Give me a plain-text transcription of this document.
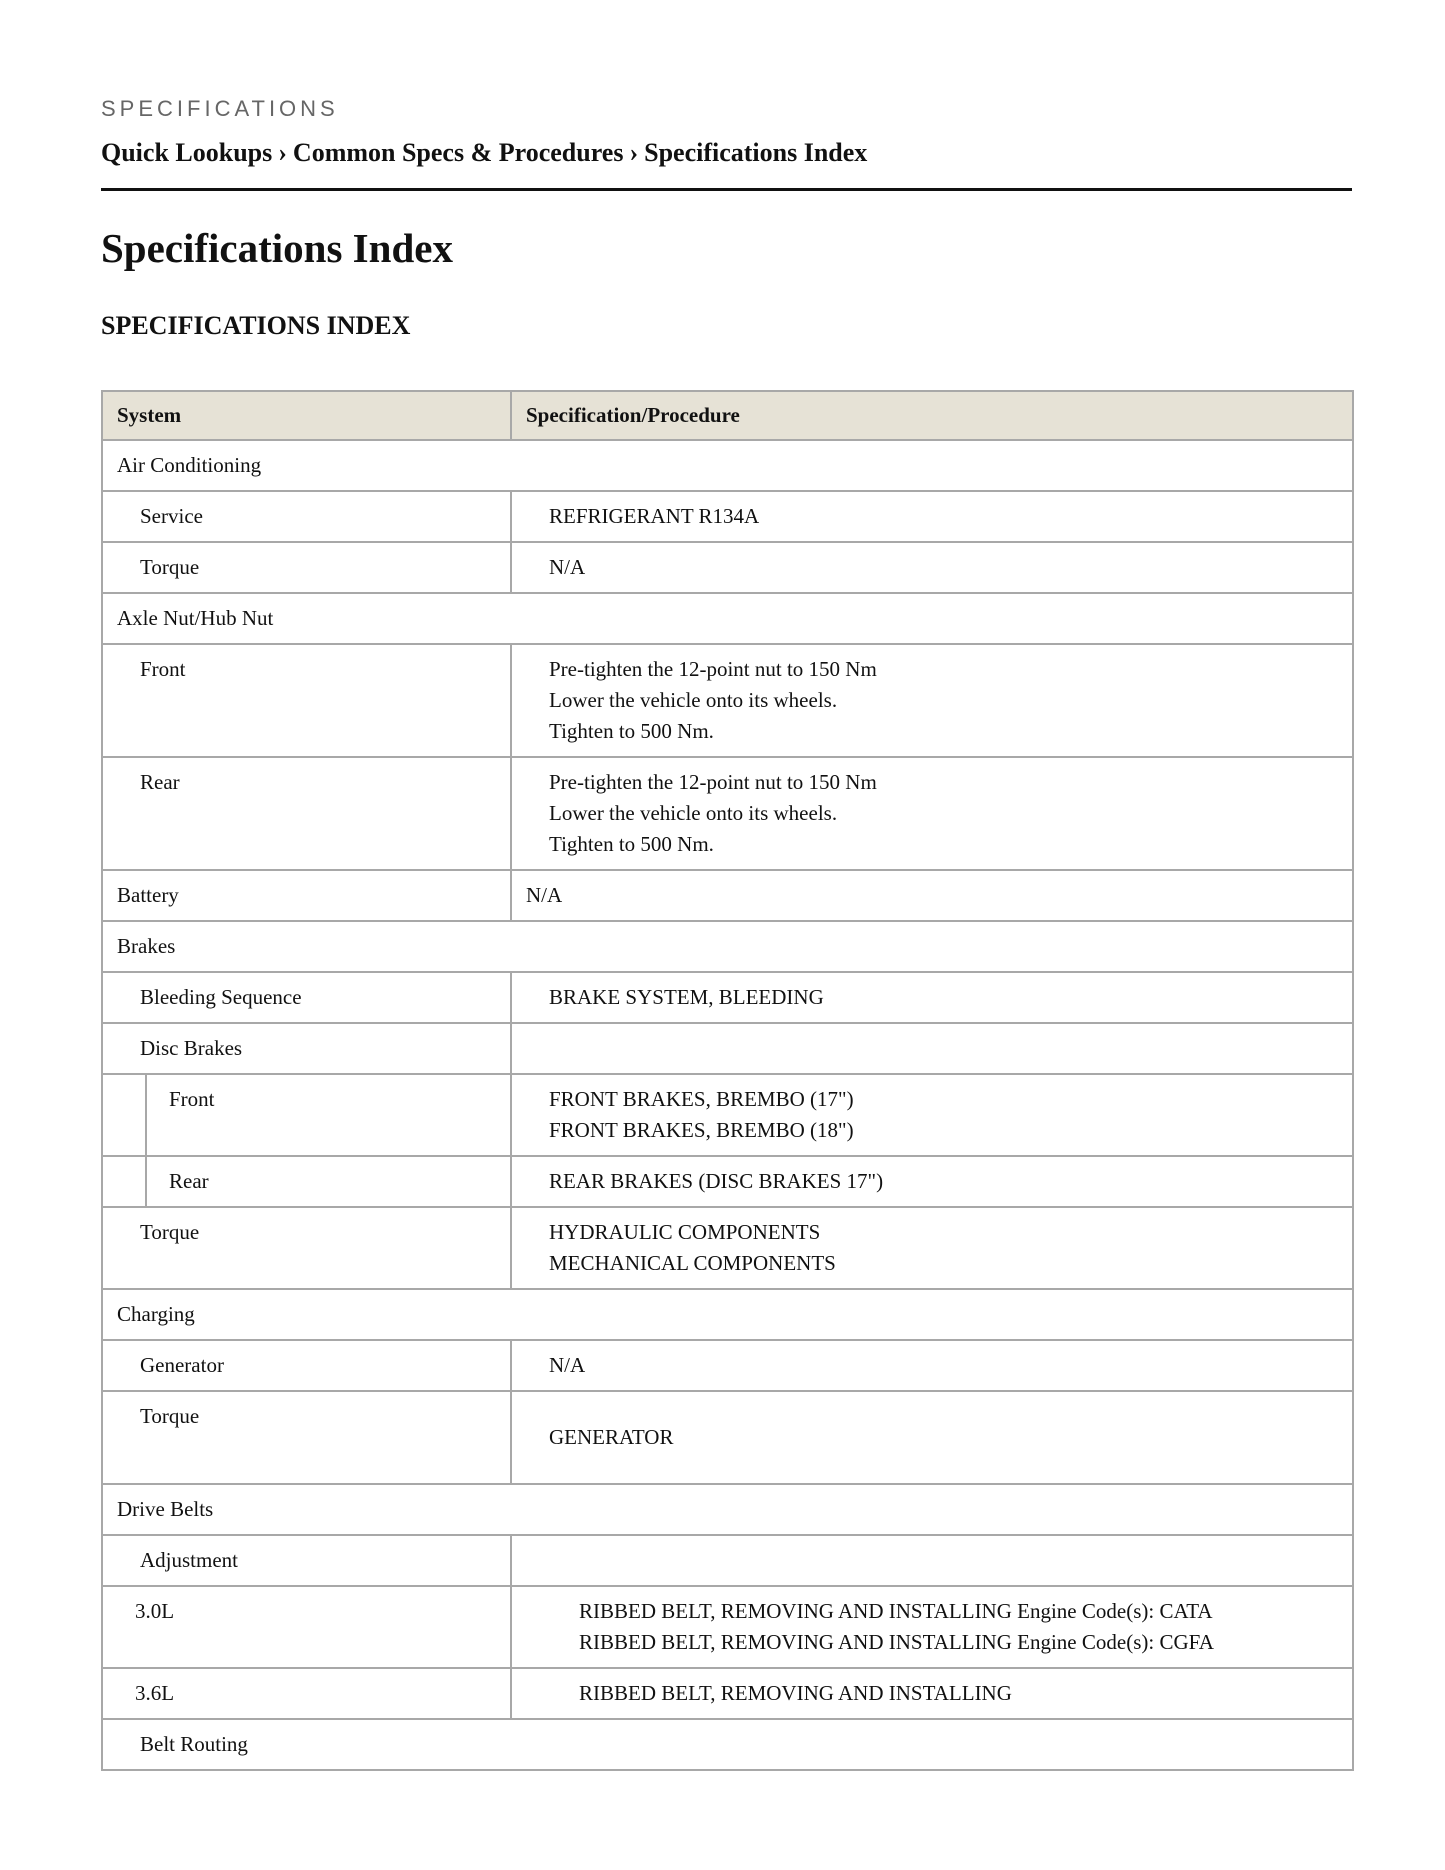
SPECIFICATIONS
Quick Lookups › Common Specs & Procedures › Specifications Index
Specifications Index
SPECIFICATIONS INDEX
System	Specification/Procedure

Air Conditioning	

Service	REFRIGERANT R134A

Torque	N/A

Axle Nut/Hub Nut	

Front	Pre-tighten the 12-point nut to 150 Nm
Lower the vehicle onto its wheels.
Tighten to 500 Nm.

Rear	Pre-tighten the 12-point nut to 150 Nm
Lower the vehicle onto its wheels.
Tighten to 500 Nm.

Battery	N/A

Brakes	

Bleeding Sequence	BRAKE SYSTEM, BLEEDING

Disc Brakes	

Front	FRONT BRAKES, BREMBO (17")
FRONT BRAKES, BREMBO (18")

Rear	REAR BRAKES (DISC BRAKES 17")

Torque	HYDRAULIC COMPONENTS
MECHANICAL COMPONENTS

Charging	

Generator	N/A

Torque	GENERATOR

Drive Belts	

Adjustment	

3.0L	RIBBED BELT, REMOVING AND INSTALLING Engine Code(s): CATA
RIBBED BELT, REMOVING AND INSTALLING Engine Code(s): CGFA

3.6L	RIBBED BELT, REMOVING AND INSTALLING

Belt Routing	
